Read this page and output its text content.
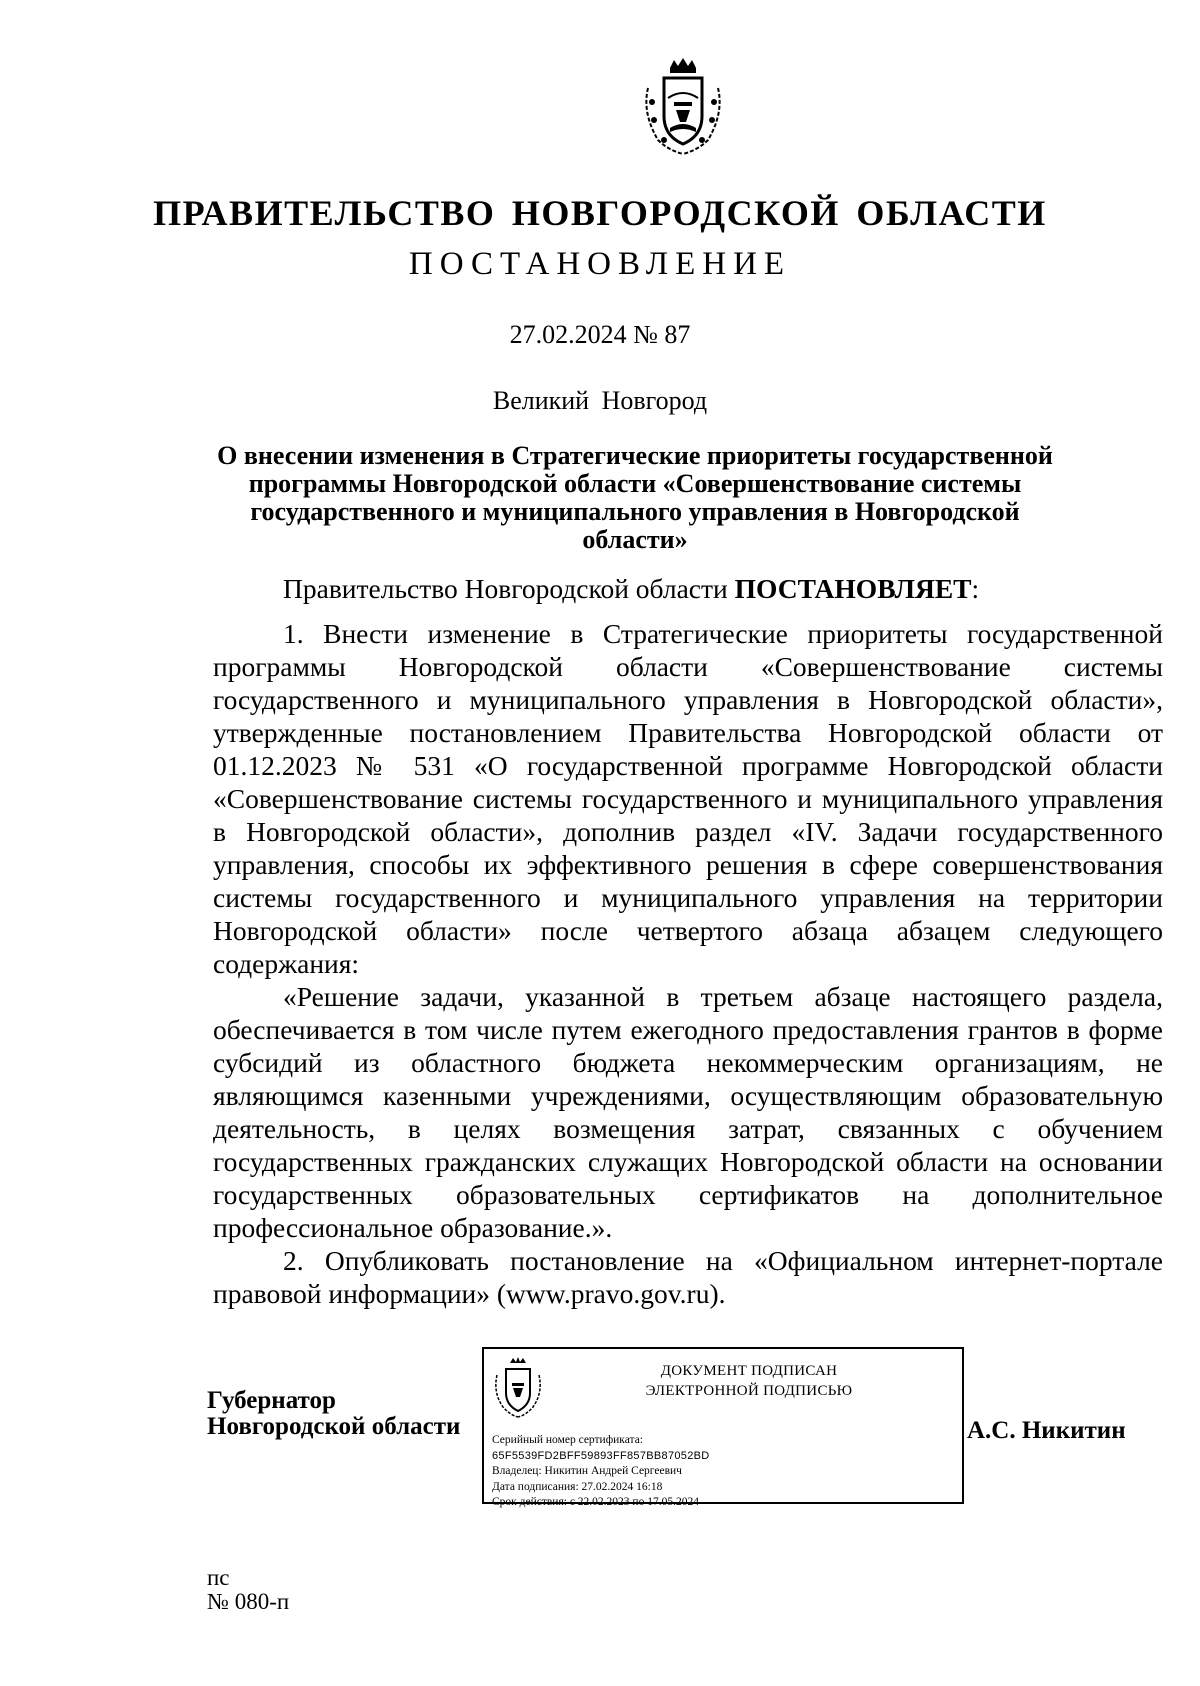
ПРАВИТЕЛЬСТВО НОВГОРОДСКОЙ ОБЛАСТИ
ПОСТАНОВЛЕНИЕ
27.02.2024 № 87
Великий Новгород
О внесении изменения в Стратегические приоритеты государственной программы Новгородской области «Совершенствование системы государственного и муниципального управления в Новгородской области»

Правительство Новгородской области ПОСТАНОВЛЯЕТ:

1. Внести изменение в Стратегические приоритеты государственной программы Новгородской области «Совершенствование системы государственного и муниципального управления в Новгородской области», утвержденные постановлением Правительства Новгородской области от 01.12.2023 № 531 «О государственной программе Новгородской области «Совершенствование системы государственного и муниципального управления в Новгородской области», дополнив раздел «IV. Задачи государственного управления, способы их эффективного решения в сфере совершенствования системы государственного и муниципального управления на территории Новгородской области» после четвертого абзаца абзацем следующего содержания:

«Решение задачи, указанной в третьем абзаце настоящего раздела, обеспечивается в том числе путем ежегодного предоставления грантов в форме субсидий из областного бюджета некоммерческим организациям, не являющимся казенными учреждениями, осуществляющим образовательную деятельность, в целях возмещения затрат, связанных с обучением государственных гражданских служащих Новгородской области на основании государственных образовательных сертификатов на дополнительное профессиональное образование.».

2. Опубликовать постановление на «Официальном интернет-портале правовой информации» (www.pravo.gov.ru).

Губернатор
Новгородской области
ДОКУМЕНТ ПОДПИСАН
ЭЛЕКТРОННОЙ ПОДПИСЬЮ
Серийный номер сертификата:
65F5539FD2BFF59893FF857BB87052BD
Владелец: Никитин Андрей Сергеевич
Дата подписания: 27.02.2024 16:18
Срок действия: с 22.02.2023 по 17.05.2024
А.С. Никитин
пс
№ 080-п
